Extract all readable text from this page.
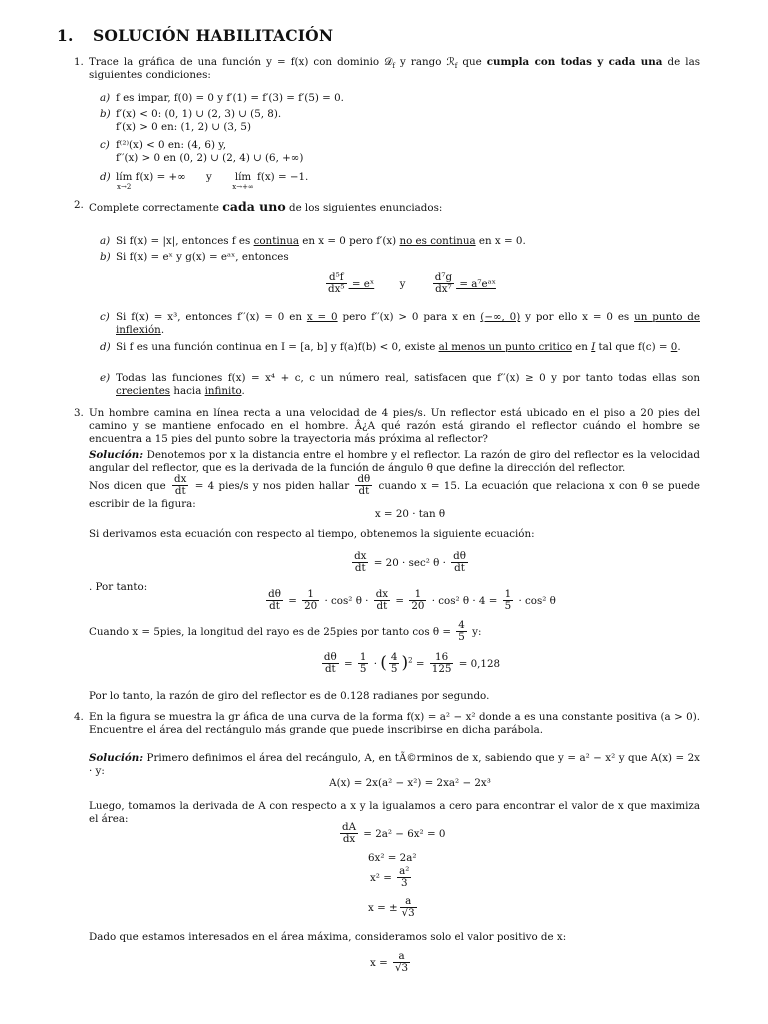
1. SOLUCIÓN HABILITACIÓN
1. Trace la gráfica de una función y = f(x) con dominio 𝒟$_f$ y rango ℛ$_f$ que cumpla con todas y cada una de las siguientes condiciones:
a) f es impar, f(0) = 0 y f′(1) = f′(3) = f′(5) = 0.
b) f′(x) < 0: (0, 1) ∪ (2, 3) ∪ (5, 8).
f′(x) > 0 en: (1, 2) ∪ (3, 5)
c) f⁽²⁾(x) < 0 en: (4, 6) y,
f′′(x) > 0 en (0, 2) ∪ (2, 4) ∪ (6, +∞)
d) lím
x→2
f(x) = +∞ y lím
x→+∞
f(x) = −1.
2. Complete correctamente cada uno de los siguientes enunciados:
a) Si f(x) = |x|, entonces f es continua en x = 0 pero f′(x) no es continua en x = 0.
b) Si f(x) = eˣ y g(x) = eᵃˣ, entonces
$\frac{\text{d⁵f}}{\text{dx⁵}}$ = eˣ y	$\frac{\text{d⁷g}}{\text{dx⁷}}$ = a⁷eᵃˣ
c) Si f(x) = x³, entonces f′′(x) = 0 en x = 0 pero f′′(x) > 0 para x en (−∞, 0) y por ello x = 0 es un punto de inflexión.
d) Si f es una función continua en I = [a, b] y f(a)f(b) < 0, existe al menos un punto critico en I tal que f(c) = 0.
e) Todas las funciones f(x) = x⁴ + c, c un número real, satisfacen que f′′(x) ≥ 0 y por tanto todas ellas son crecientes hacia infinito.
3. Un hombre camina en línea recta a una velocidad de 4 pies/s. Un reflector está ubicado en el piso a 20 pies del camino y se mantiene enfocado en el hombre. Â¿A qué razón está girando el reflector cuándo el hombre se encuentra a 15 pies del punto sobre la trayectoria más próxima al reflector?
Solución: Denotemos por x la distancia entre el hombre y el reflector. La razón de giro del reflector es la velocidad angular del reflector, que es la derivada de la función de ángulo θ que define la dirección del reflector.
Nos dicen que $\frac{dx}{dt} = 4$ pies/s y nos piden hallar $\frac{d\theta}{dt}$ cuando x = 15. La ecuación que relaciona x con θ se puede escribir de la figura:
x = 20 · tan θ
Si derivamos esta ecuación con respecto al tiempo, obtenemos la siguiente ecuación:
$\frac{dx}{dt} = 20 \cdot \sec^2$ $\theta \cdot \frac{d\theta}{dt}$
. Por tanto:
$\frac{d\theta}{dt} = \frac{1}{20} \cdot \cos^2$ $\theta \cdot \frac{dx}{dt} = \frac{1}{20} \cdot \cos^2$ $\theta \cdot 4 = \frac{1}{5} \cdot \cos^2$ θ
Cuando x = 5pies, la longitud del rayo es de 25pies por tanto $\cos \theta = \frac{4}{5} y$:
$\frac{d\theta}{dt} = \frac{1}{5}$ · ( $\frac{4}{5} )^2 = \frac{16}{125} = 0,128$
Por lo tanto, la razón de giro del reflector es de 0.128 radianes por segundo.
4. En la figura se muestra la gr áfica de una curva de la forma f(x) = a² − x² donde a es una constante positiva (a > 0). Encuentre el área del rectángulo más grande que puede inscribirse en dicha parábola.
Solución: Primero definimos el área del recángulo, A, en tÃ©rminos de x, sabiendo que y = a² − x² y que A(x) = 2x · y:
A(x) = 2x(a² − x²) = 2xa² − 2x³
Luego, tomamos la derivada de A con respecto a x y la igualamos a cero para encontrar el valor de x que maximiza el área:
$\frac{dA}{dx} = 2a^2 - 6x^2 = 0$
6x² = 2a²
$x^2 = \frac{\text{a²}}{3}$
x = ± $\frac{a}{√3}$
Dado que estamos interesados en el área máxima, consideramos solo el valor positivo de x:
$x = \frac{a}{√3}$
